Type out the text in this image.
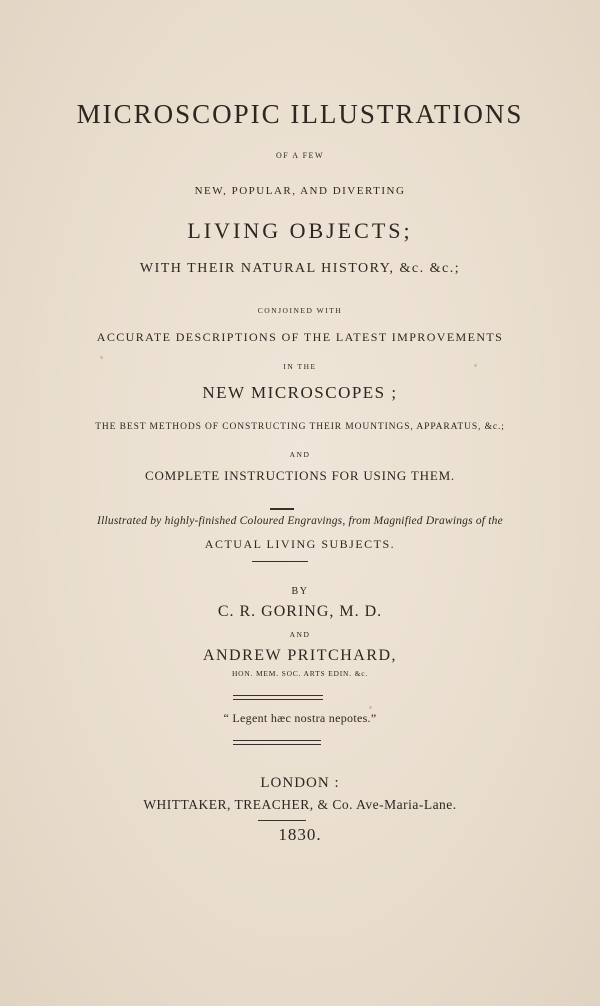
MICROSCOPIC ILLUSTRATIONS
OF A FEW
NEW, POPULAR, AND DIVERTING
LIVING OBJECTS;
WITH THEIR NATURAL HISTORY, &c. &c.;
CONJOINED WITH
ACCURATE DESCRIPTIONS OF THE LATEST IMPROVEMENTS
IN THE
NEW MICROSCOPES ;
THE BEST METHODS OF CONSTRUCTING THEIR MOUNTINGS, APPARATUS, &c.;
AND
COMPLETE INSTRUCTIONS FOR USING THEM.
Illustrated by highly-finished Coloured Engravings, from Magnified Drawings of the
ACTUAL LIVING SUBJECTS.
BY
C. R. GORING, M. D.
AND
ANDREW PRITCHARD,
HON. MEM. SOC. ARTS EDIN. &c.
“ Legent hæc nostra nepotes.”
LONDON :
WHITTAKER, TREACHER, & Co. Ave-Maria-Lane.
1830.
